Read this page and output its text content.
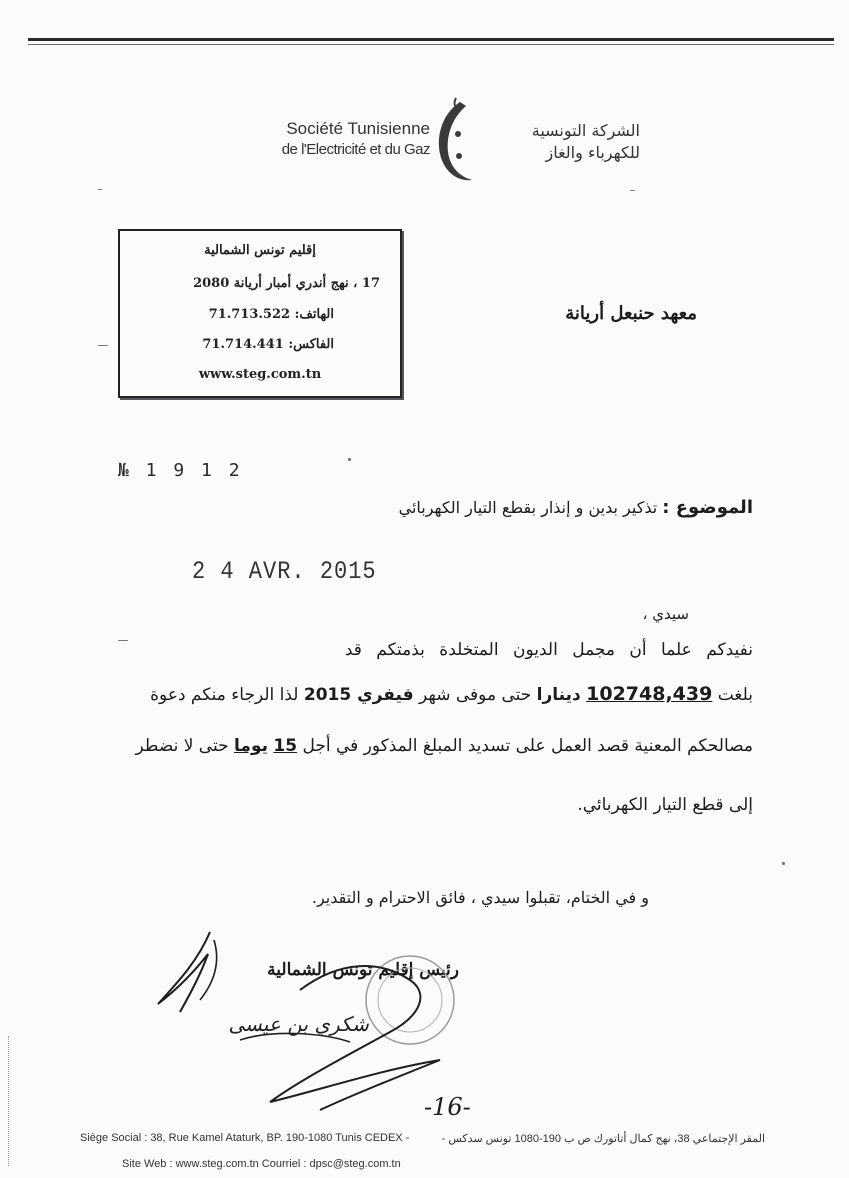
Société Tunisienne
de l'Electricité et du Gaz
الشركة التونسية
للكهرباء والغاز
إقليم تونس الشمالية
17 ، نهج أندري أمبار أريانة 2080
الهاتف: 71.713.522
الفاكس: 71.714.441
www.steg.com.tn
معهد حنبعل أريانة
№ 1 9 1 2
الموضوع : تذكير بدين و إنذار بقطع التيار الكهربائي
2 4 AVR. 2015
سيدي ،
نفيدكم علما أن مجمل الديون المتخلدة بذمتكم قد
بلغت 102748,439 دينارا حتى موفى شهر فيفري 2015 لذا الرجاء منكم دعوة
مصالحكم المعنية قصد العمل على تسديد المبلغ المذكور في أجل 15 يوما حتى لا نضطر
إلى قطع التيار الكهربائي.
و في الختام، تقبلوا سيدي ، فائق الاحترام و التقدير.
رئيس إقليم تونس الشمالية
شكري بن عيسى
-16-
Siège Social : 38, Rue Kamel Ataturk, BP. 190-1080 Tunis CEDEX -	المقر الإجتماعي 38، نهج كمال أتاتورك ص ب 190-1080 تونس سدكس -
Site Web : www.steg.com.tn Courriel : dpsc@steg.com.tn
